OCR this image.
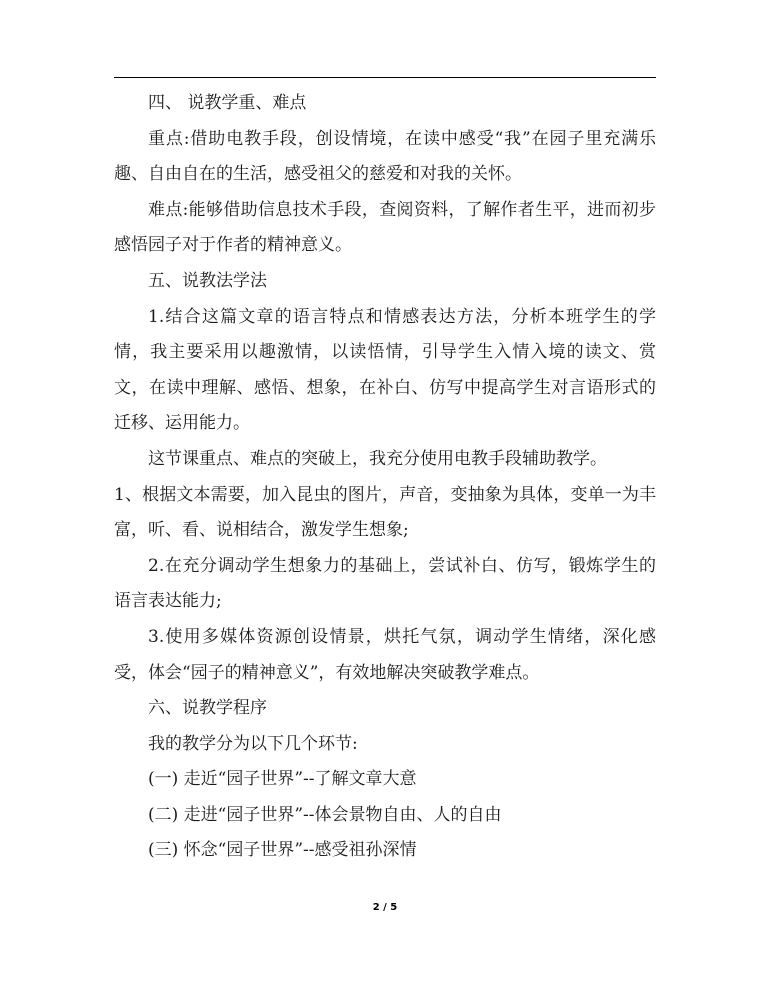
四、 说教学重、难点

重点:借助电教手段，创设情境，在读中感受“我”在园子里充满乐趣、自由自在的生活，感受祖父的慈爱和对我的关怀。

难点:能够借助信息技术手段，查阅资料，了解作者生平，进而初步感悟园子对于作者的精神意义。

五、说教法学法

1.结合这篇文章的语言特点和情感表达方法，分析本班学生的学情，我主要采用以趣激情，以读悟情，引导学生入情入境的读文、赏文，在读中理解、感悟、想象，在补白、仿写中提高学生对言语形式的迁移、运用能力。

这节课重点、难点的突破上，我充分使用电教手段辅助教学。

1、根据文本需要，加入昆虫的图片，声音，变抽象为具体，变单一为丰富，听、看、说相结合，激发学生想象;

2.在充分调动学生想象力的基础上，尝试补白、仿写，锻炼学生的语言表达能力;

3.使用多媒体资源创设情景，烘托气氛，调动学生情绪，深化感受，体会“园子的精神意义”，有效地解决突破教学难点。

六、说教学程序

我的教学分为以下几个环节:

(一) 走近“园子世界”--了解文章大意

(二) 走进“园子世界”--体会景物自由、人的自由

(三) 怀念“园子世界”--感受祖孙深情

2 / 5
